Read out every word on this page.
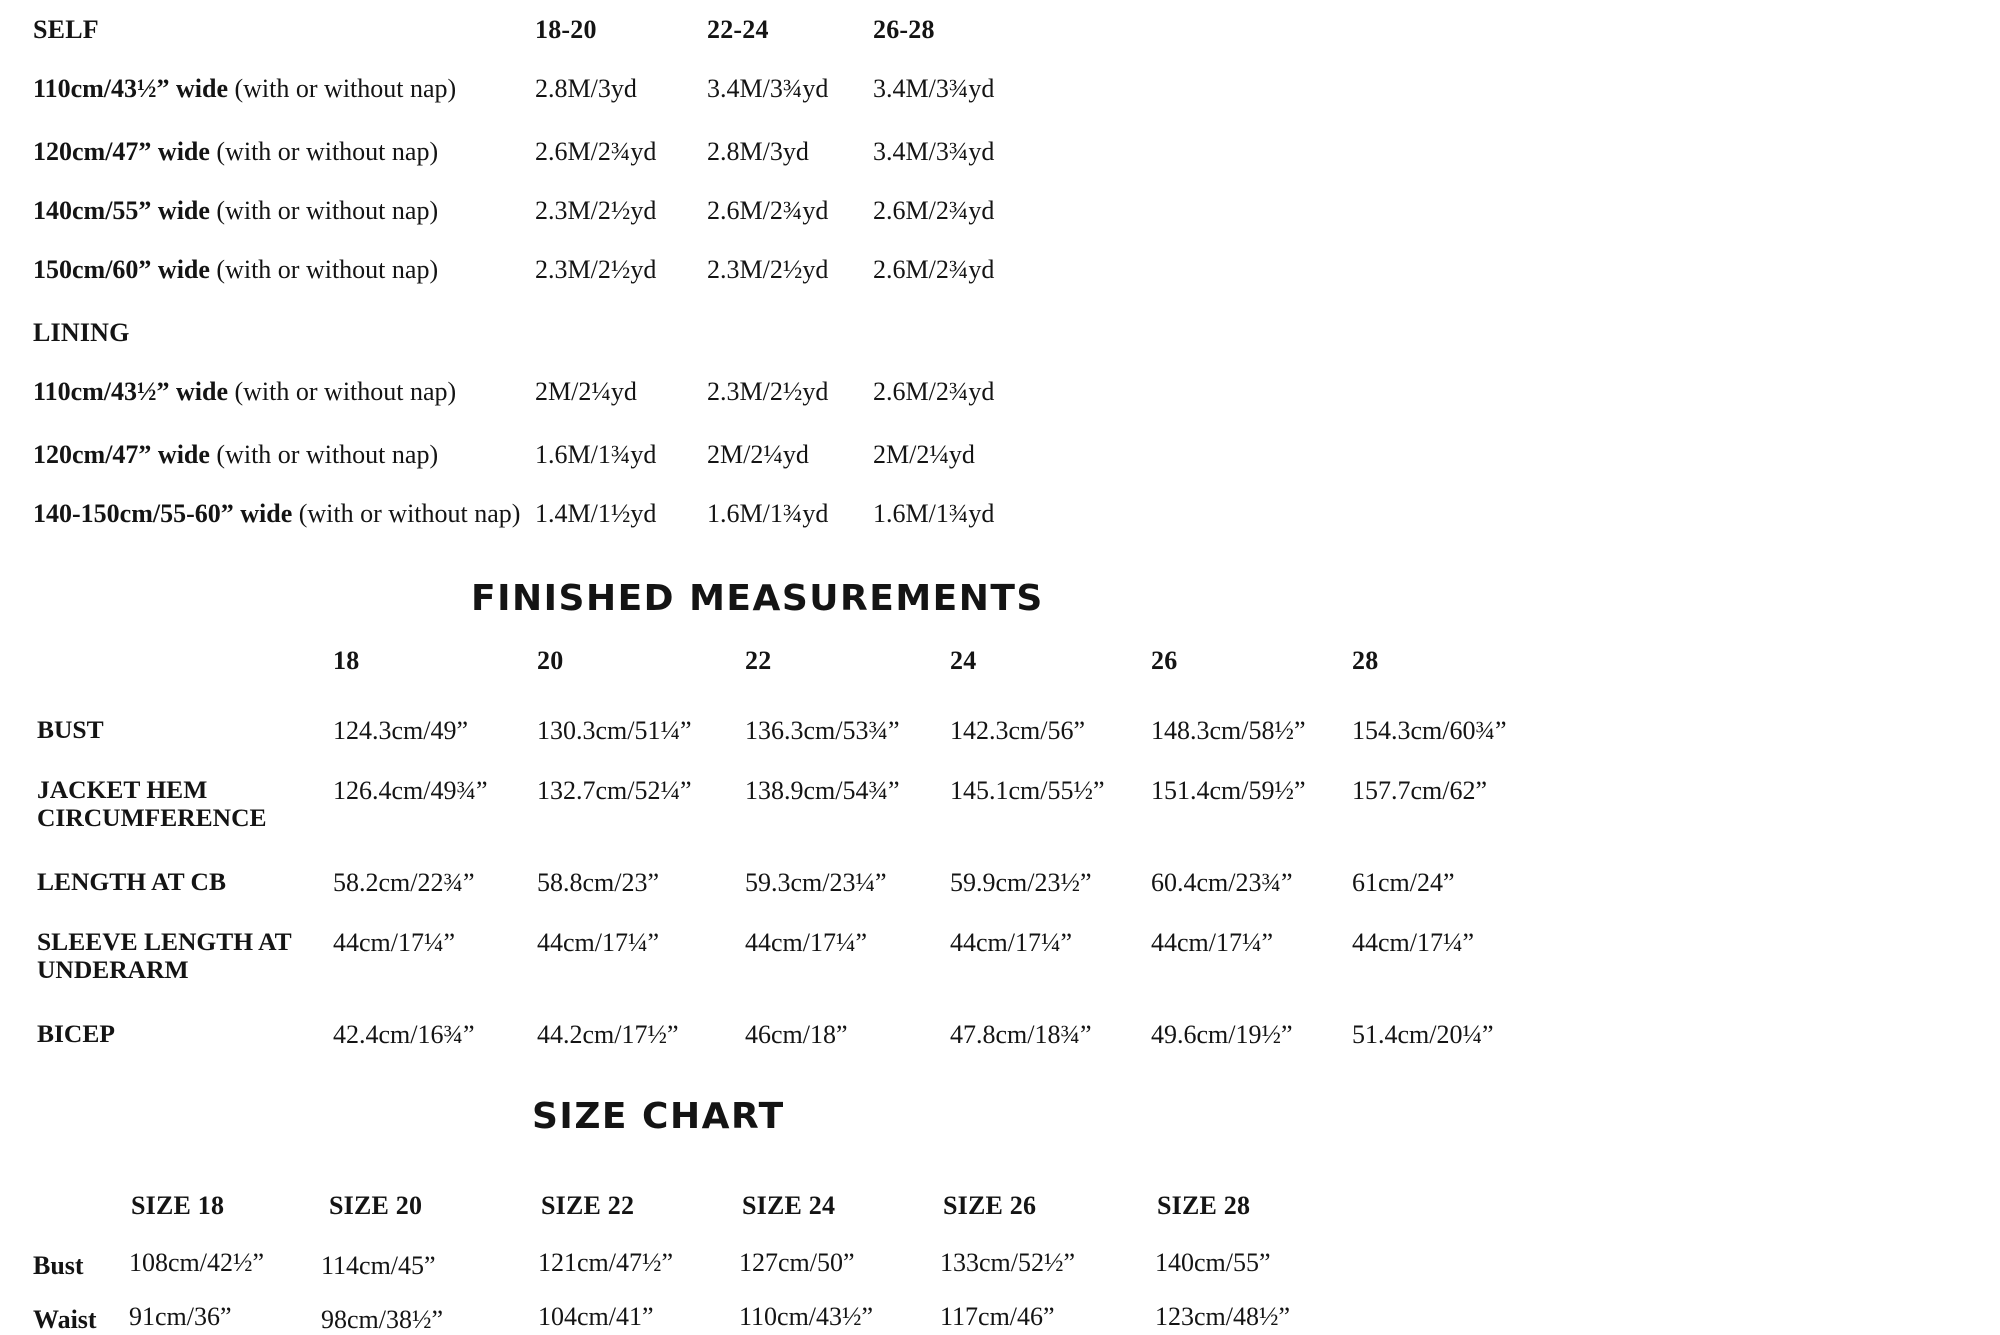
SELF	18-20	22-24	26-28
110cm/43½” wide (with or without nap)	2.8M/3yd	3.4M/3¾yd 3.4M/3¾yd
120cm/47” wide (with or without nap)	2.6M/2¾yd 2.8M/3yd 3.4M/3¾yd
140cm/55” wide (with or without nap)	2.3M/2½yd 2.6M/2¾yd 2.6M/2¾yd
150cm/60” wide (with or without nap)	2.3M/2½yd 2.3M/2½yd 2.6M/2¾yd
LINING
110cm/43½” wide (with or without nap)	2M/2¼yd	2.3M/2½yd 2.6M/2¾yd
120cm/47” wide (with or without nap)	1.6M/1¾yd 2M/2¼yd 2M/2¼yd
140-150cm/55-60” wide (with or without nap) 1.4M/1½yd 1.6M/1¾yd 1.6M/1¾yd
FINISHED MEASUREMENTS
18	20	22	24	26	28
BUST	124.3cm/49”	130.3cm/51¼” 136.3cm/53¾” 142.3cm/56”	148.3cm/58½” 154.3cm/60¾”
JACKET HEM CIRCUMFERENCE
126.4cm/49¾” 132.7cm/52¼” 138.9cm/54¾” 145.1cm/55½” 151.4cm/59½” 157.7cm/62”
LENGTH AT CB	58.2cm/22¾” 58.8cm/23”	59.3cm/23¼” 59.9cm/23½” 60.4cm/23¾” 61cm/24”
SLEEVE LENGTH AT UNDERARM
44cm/17¼”	44cm/17¼”	44cm/17¼”	44cm/17¼”	44cm/17¼”	44cm/17¼”
BICEP	42.4cm/16¾” 44.2cm/17½”	46cm/18”	47.8cm/18¾” 49.6cm/19½” 51.4cm/20¼”
SIZE CHART
SIZE 18	SIZE 20	SIZE 22	SIZE 24	SIZE 26	SIZE 28
Bust 108cm/42½” 114cm/45”	121cm/47½”	127cm/50”	133cm/52½”	140cm/55”
Waist 91cm/36”	98cm/38½”	104cm/41”	110cm/43½”	117cm/46”	123cm/48½”
